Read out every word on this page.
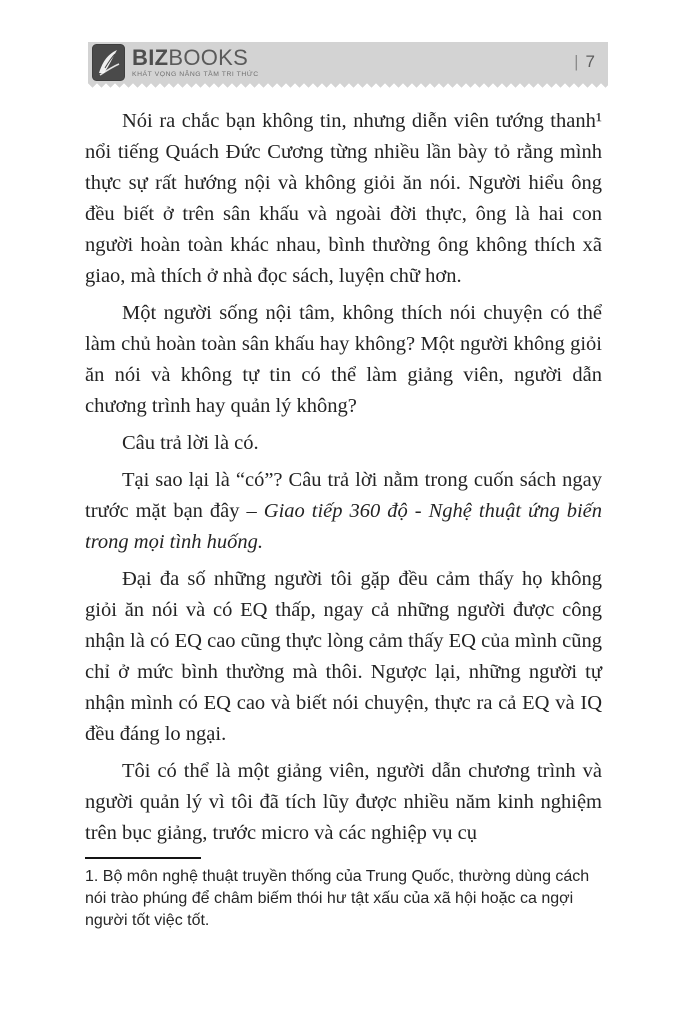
BIZBOOKS
KHÁT VỌNG NÂNG TẦM TRI THỨC
| 7

Nói ra chắc bạn không tin, nhưng diễn viên tướng thanh¹ nổi tiếng Quách Đức Cương từng nhiều lần bày tỏ rằng mình thực sự rất hướng nội và không giỏi ăn nói. Người hiểu ông đều biết ở trên sân khấu và ngoài đời thực, ông là hai con người hoàn toàn khác nhau, bình thường ông không thích xã giao, mà thích ở nhà đọc sách, luyện chữ hơn.

Một người sống nội tâm, không thích nói chuyện có thể làm chủ hoàn toàn sân khấu hay không? Một người không giỏi ăn nói và không tự tin có thể làm giảng viên, người dẫn chương trình hay quản lý không?

Câu trả lời là có.

Tại sao lại là “có”? Câu trả lời nằm trong cuốn sách ngay trước mặt bạn đây – Giao tiếp 360 độ - Nghệ thuật ứng biến trong mọi tình huống.

Đại đa số những người tôi gặp đều cảm thấy họ không giỏi ăn nói và có EQ thấp, ngay cả những người được công nhận là có EQ cao cũng thực lòng cảm thấy EQ của mình cũng chỉ ở mức bình thường mà thôi. Ngược lại, những người tự nhận mình có EQ cao và biết nói chuyện, thực ra cả EQ và IQ đều đáng lo ngại.

Tôi có thể là một giảng viên, người dẫn chương trình và người quản lý vì tôi đã tích lũy được nhiều năm kinh nghiệm trên bục giảng, trước micro và các nghiệp vụ cụ

1. Bộ môn nghệ thuật truyền thống của Trung Quốc, thường dùng cách nói trào phúng để châm biếm thói hư tật xấu của xã hội hoặc ca ngợi người tốt việc tốt.
